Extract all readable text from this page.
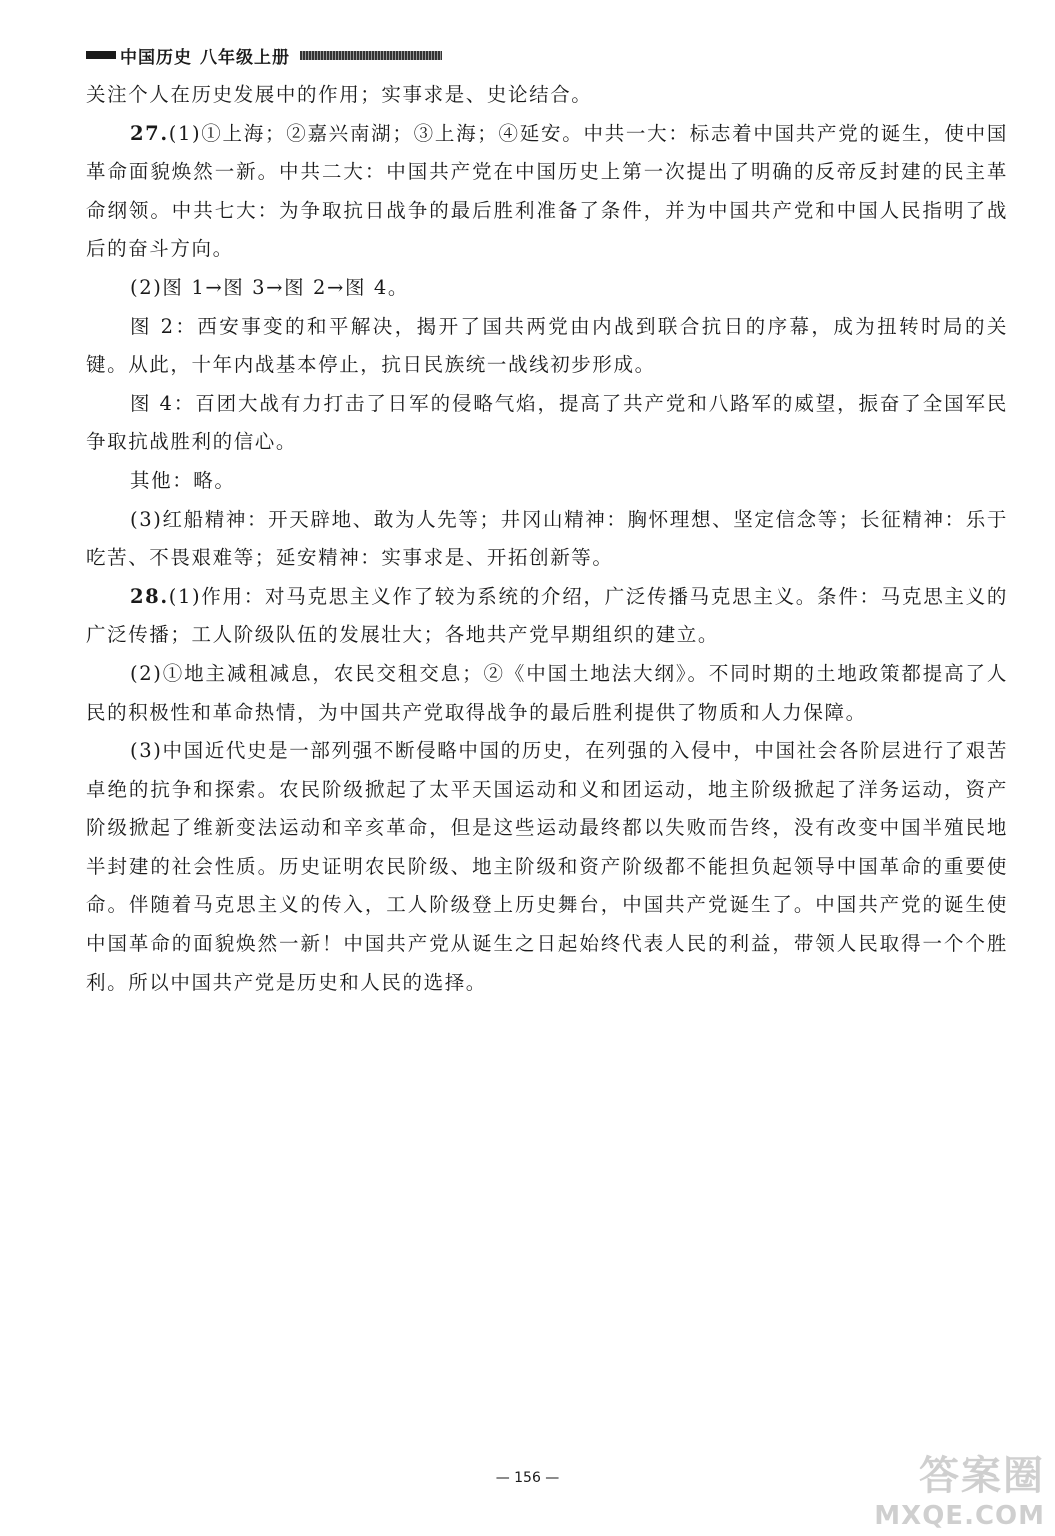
中国历史 八年级上册

关注个人在历史发展中的作用；实事求是、史论结合。

27.(1)①上海；②嘉兴南湖；③上海；④延安。中共一大：标志着中国共产党的诞生，使中国革命面貌焕然一新。中共二大：中国共产党在中国历史上第一次提出了明确的反帝反封建的民主革命纲领。中共七大：为争取抗日战争的最后胜利准备了条件，并为中国共产党和中国人民指明了战后的奋斗方向。

(2)图 1→图 3→图 2→图 4。

图 2：西安事变的和平解决，揭开了国共两党由内战到联合抗日的序幕，成为扭转时局的关键。从此，十年内战基本停止，抗日民族统一战线初步形成。

图 4：百团大战有力打击了日军的侵略气焰，提高了共产党和八路军的威望，振奋了全国军民争取抗战胜利的信心。

其他：略。

(3)红船精神：开天辟地、敢为人先等；井冈山精神：胸怀理想、坚定信念等；长征精神：乐于吃苦、不畏艰难等；延安精神：实事求是、开拓创新等。

28.(1)作用：对马克思主义作了较为系统的介绍，广泛传播马克思主义。条件：马克思主义的广泛传播；工人阶级队伍的发展壮大；各地共产党早期组织的建立。

(2)①地主减租减息，农民交租交息；②《中国土地法大纲》。不同时期的土地政策都提高了人民的积极性和革命热情，为中国共产党取得战争的最后胜利提供了物质和人力保障。

(3)中国近代史是一部列强不断侵略中国的历史，在列强的入侵中，中国社会各阶层进行了艰苦卓绝的抗争和探索。农民阶级掀起了太平天国运动和义和团运动，地主阶级掀起了洋务运动，资产阶级掀起了维新变法运动和辛亥革命，但是这些运动最终都以失败而告终，没有改变中国半殖民地半封建的社会性质。历史证明农民阶级、地主阶级和资产阶级都不能担负起领导中国革命的重要使命。伴随着马克思主义的传入，工人阶级登上历史舞台，中国共产党诞生了。中国共产党的诞生使中国革命的面貌焕然一新！中国共产党从诞生之日起始终代表人民的利益，带领人民取得一个个胜利。所以中国共产党是历史和人民的选择。

— 156 —	答案圈
MXQE.COM
